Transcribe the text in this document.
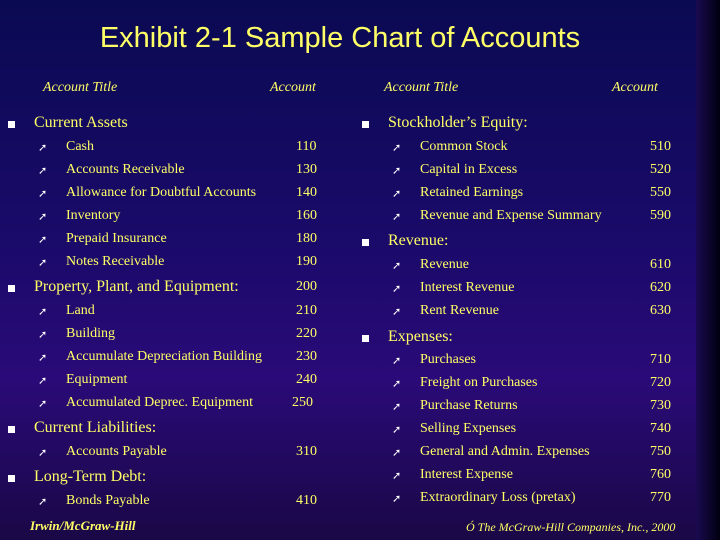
Exhibit 2-1 Sample Chart of Accounts
Account Title	Account	Account Title	Account
Current Assets
➚ Cash	110
➚ Accounts Receivable	130
➚ Allowance for Doubtful Accounts	140
➚ Inventory	160
➚ Prepaid Insurance	180
➚ Notes Receivable	190
Property, Plant, and Equipment:	200
➚ Land	210
➚ Building	220
➚ Accumulate Depreciation Building 230
➚ Equipment	240
➚ Accumulated Deprec. Equipment	250
Current Liabilities:
➚ Accounts Payable	310
Long-Term Debt:
➚ Bonds Payable	410
Stockholder’s Equity:
➚ Common Stock	510
➚ Capital in Excess	520
➚ Retained Earnings	550
➚ Revenue and Expense Summary	590
Revenue:
➚ Revenue	610
➚ Interest Revenue	620
➚ Rent Revenue	630
Expenses:
➚ Purchases	710
➚ Freight on Purchases	720
➚ Purchase Returns	730
➚ Selling Expenses	740
➚ General and Admin. Expenses	750
➚ Interest Expense	760
➚ Extraordinary Loss (pretax)	770
Irwin/McGraw-Hill	Ó The McGraw-Hill Companies, Inc., 2000
